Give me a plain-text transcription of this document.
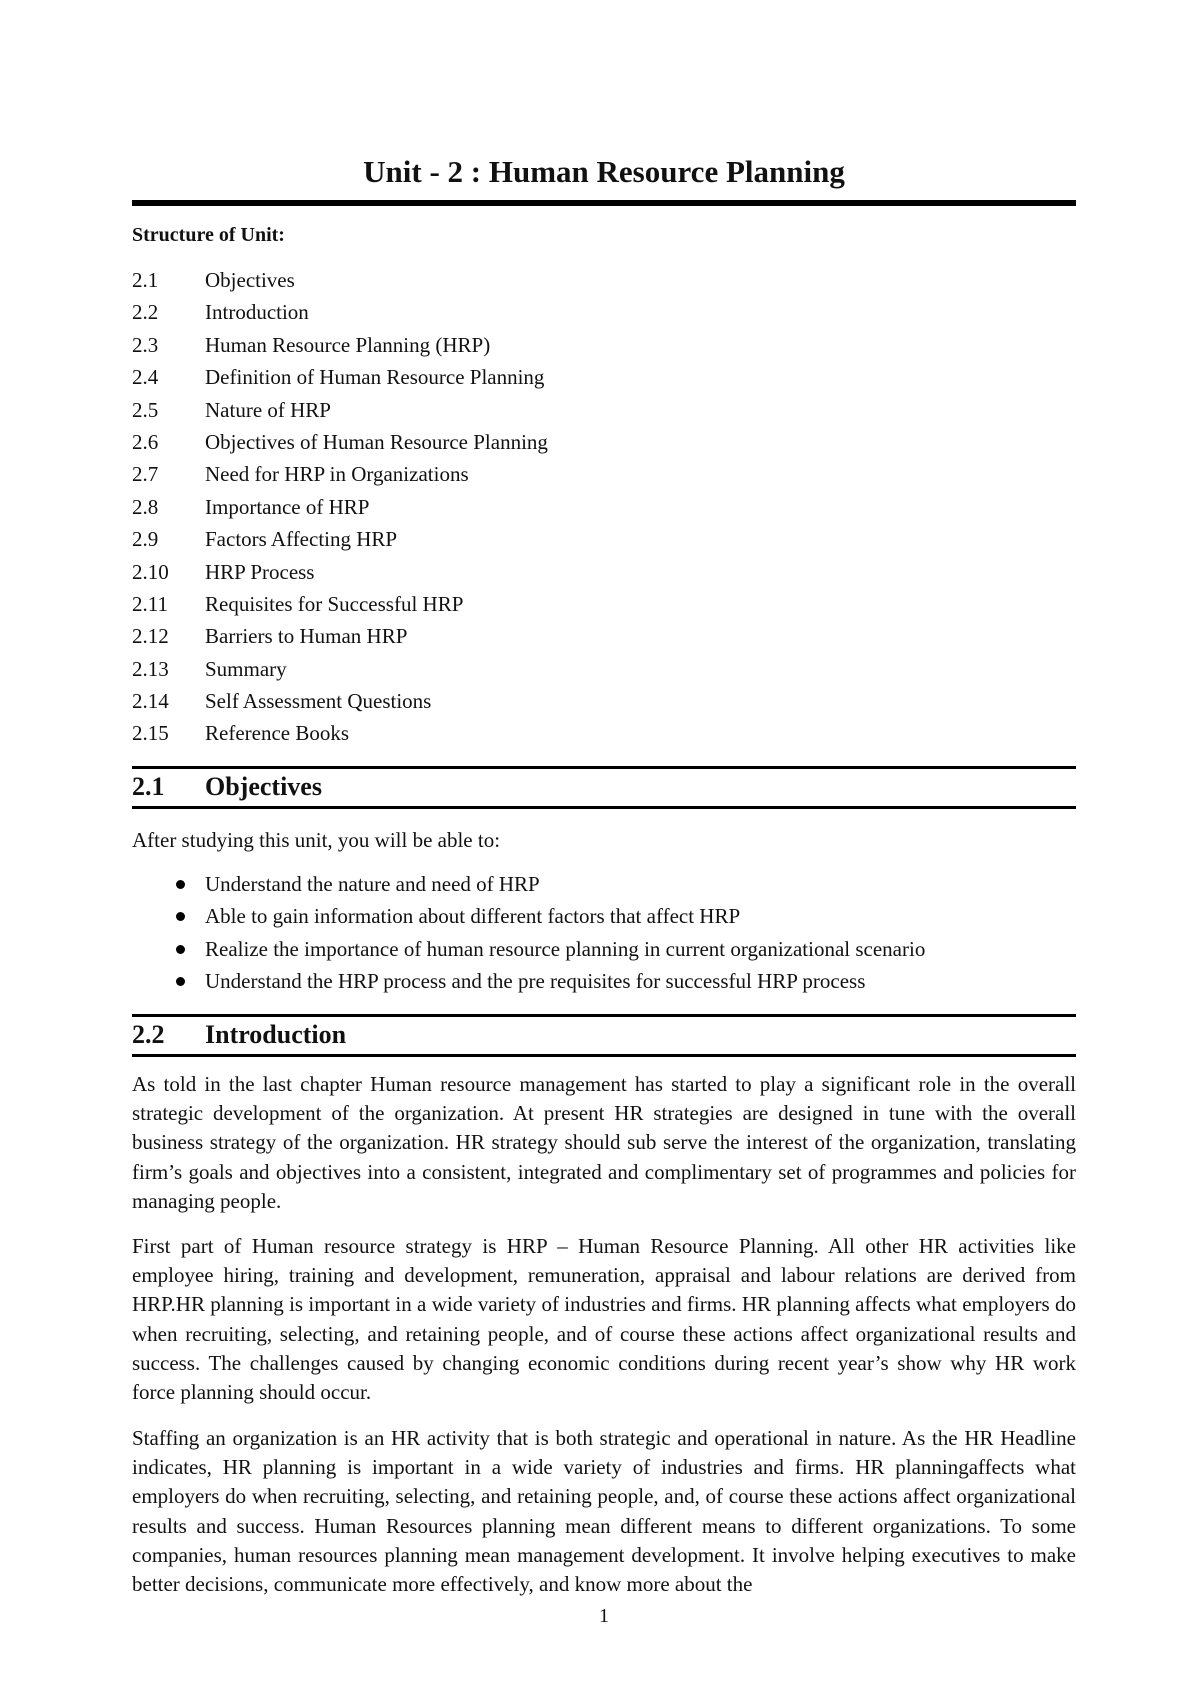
Unit - 2 : Human Resource Planning
Structure of Unit:
2.1 Objectives
2.2 Introduction
2.3 Human Resource Planning (HRP)
2.4 Definition of Human Resource Planning
2.5 Nature of HRP
2.6 Objectives of Human Resource Planning
2.7 Need for HRP in Organizations
2.8 Importance of HRP
2.9 Factors Affecting HRP
2.10 HRP Process
2.11 Requisites for Successful HRP
2.12 Barriers to Human HRP
2.13 Summary
2.14 Self Assessment Questions
2.15 Reference Books
2.1 Objectives
After studying this unit, you will be able to:
Understand the nature and need of HRP
Able to gain information about different factors that affect HRP
Realize the importance of human resource planning in current organizational scenario
Understand the HRP process and the pre requisites for successful HRP process
2.2 Introduction

As told in the last chapter Human resource management has started to play a significant role in the overall strategic development of the organization. At present HR strategies are designed in tune with the overall business strategy of the organization. HR strategy should sub serve the interest of the organization, translating firm’s goals and objectives into a consistent, integrated and complimentary set of programmes and policies for managing people.

First part of Human resource strategy is HRP – Human Resource Planning. All other HR activities like employee hiring, training and development, remuneration, appraisal and labour relations are derived from HRP.HR planning is important in a wide variety of industries and firms. HR planning affects what employers do when recruiting, selecting, and retaining people, and of course these actions affect organizational results and success. The challenges caused by changing economic conditions during recent year’s show why HR work force planning should occur.

Staffing an organization is an HR activity that is both strategic and operational in nature. As the HR Headline indicates, HR planning is important in a wide variety of industries and firms. HR planningaffects what employers do when recruiting, selecting, and retaining people, and, of course these actions affect organizational results and success. Human Resources planning mean different means to different organizations. To some companies, human resources planning mean management development. It involve helping executives to make better decisions, communicate more effectively, and know more about the

1
